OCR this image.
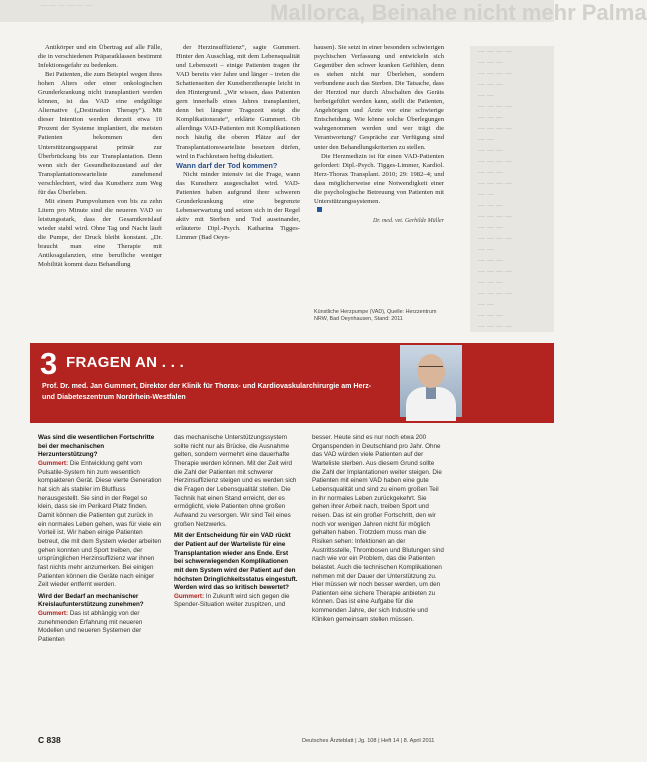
— — — — — —	Mallorca, Beinahe nicht mehr Palma

Antikörper und ein Übertrag auf alle Fälle, die in verschiedenen Präparatklassen bestimmt Infektionsgefahr zu bedenken.

Bei Patienten, die zum Beispiel wegen ihres hohen Alters oder einer onkologischen Grunderkrankung nicht transplantiert werden können, ist das VAD eine endgültige Alternative („Destination Therapy“). Mit dieser Intention werden derzeit etwa 10 Prozent der Systeme implantiert, die meisten Patienten bekommen den Unterstützungsapparat primär zur Überbrückung bis zur Transplantation. Denn wenn sich der Gesundheitszustand auf der Transplantationswarteliste zunehmend verschlechtert, wird das Kunstherz zum Weg für das Überleben.

Mit einem Pumpvolumen von bis zu zehn Litern pro Minute sind die neueren VAD so leistungsstark, dass der Gesamtkreislauf wieder stabil wird. Ohne Tag und Nacht läuft die Pumpe, der Druck bleibt konstant. „Dr. braucht man eine Therapie mit Antikoagulanzien, eine berufliche weniger Mobilität kommt dazu Behandlung

der Herzinsuffizienz“, sagte Gummert. Hinter den Ausschlag, mit dem Lebensqualität und Lebenszeit – einige Patienten tragen ihr VAD bereits vier Jahre und länger – treten die Schattenseiten der Kunstherztherapie leicht in den Hintergrund. „Wir wissen, dass Patienten gern innerhalb eines Jahres transplantiert, denn bei längerer Tragezeit steigt die Komplikationsrate“, erklärte Gummert. Ob allerdings VAD-Patienten mit Komplikationen noch häufig die oberen Plätze auf der Transplantationswarteliste besetzen dürfen, wird in Fachkreisen heftig diskutiert.

Wann darf der Tod kommen?

Nicht minder intensiv ist die Frage, wann das Kunstherz ausgeschaltet wird. VAD-Patienten haben aufgrund ihrer schweren Grunderkrankung eine begrenzte Lebenserwartung und setzen sich in der Regel aktiv mit Sterben und Tod auseinander, erläuterte Dipl.-Psych. Katharina Tigges-Limmer (Bad Oeyn-

hausen). Sie setzt in einer besonders schwierigen psychischen Verfassung und entwickeln sich Gegenüber den schwer kranken Gefühlen, denn es stehen nicht nur Überleben, sondern verbundene auch das Sterben. Die Tatsache, dass der Herztod nur durch Abschalten des Geräts herbeigeführt werden kann, stellt die Patienten, Angehörigen und Ärzte vor eine schwierige Entscheidung. Wie könne solche Überlegungen wahrgenommen werden und wer trägt die Verantwortung? Gespräche zur Verfügung sind unter den Behandlungskriterien zu stellen.

Die Herzmedizin ist für einen VAD-Patienten gefordert: Dipl.-Psych. Tigges-Limmer, Kardiol. Herz-Thorax Transplant. 2010; 29: 1982–4; und dass möglicherweise eine Notwendigkeit einer die psychologische Betreuung von Patienten mit Unterstützungssystemen.

Dr. med. vet. Gerhilde Müller
— — — —
— — —
— — — —
— — —
— —
— — — —
— — —
— — — —
— —
— — —
— — — —
— — —
— — — —
— —
— — —
— — — —
— — —
— — — —
— —
— — —
— — — —
— — —
— — — —
— —
— — —
— — — —
Künstliche Herzpumpe (VAD), Quelle: Herzzentrum NRW, Bad Oeynhausen, Stand: 2011
3 FRAGEN AN . . .
Prof. Dr. med. Jan Gummert, Direktor der Klinik für Thorax- und Kardiovaskularchirurgie am Herz- und Diabeteszentrum Nordrhein-Westfalen

Was sind die wesentlichen Fortschritte bei der mechanischen Herzunterstützung?

Gummert: Die Entwicklung geht vom Pulsatile-System hin zum wesentlich kompakteren Gerät. Diese vierte Generation hat sich als stabiler im Blutfluss herausgestellt. Sie sind in der Regel so klein, dass sie im Perikard Platz finden. Damit können die Patienten gut zurück in ein normales Leben gehen, was für viele ein Vorteil ist. Wir haben einige Patienten betreut, die mit dem System wieder arbeiten gehen konnten und Sport treiben, der ursprünglichen Herzinsuffizienz war ihnen fast nichts mehr anzumerken. Bei einigen Patienten können die Geräte nach einiger Zeit wieder entfernt werden.

Wird der Bedarf an mechanischer Kreislaufunterstützung zunehmen?

Gummert: Das ist abhängig von der zunehmenden Erfahrung mit neueren Modellen und neueren Systemen der Patienten

das mechanische Unterstützungssystem sollte nicht nur als Brücke, die Ausnahme gelten, sondern vermehrt eine dauerhafte Therapie werden können. Mit der Zeit wird die Zahl der Patienten mit schwerer Herzinsuffizienz steigen und es werden sich die Fragen der Lebensqualität stellen. Die Technik hat einen Stand erreicht, der es ermöglicht, viele Patienten ohne großen Aufwand zu versorgen. Wir sind Teil eines großen Netzwerks.

Mit der Entscheidung für ein VAD rückt der Patient auf der Warteliste für eine Transplantation wieder ans Ende. Erst bei schwerwiegenden Komplikationen mit dem System wird der Patient auf den höchsten Dringlichkeitsstatus eingestuft. Werden wird das so kritisch bewertet?

Gummert: In Zukunft wird sich gegen die Spender-Situation weiter zuspitzen, und

besser. Heute sind es nur noch etwa 200 Organspenden in Deutschland pro Jahr. Ohne das VAD würden viele Patienten auf der Warteliste sterben. Aus diesem Grund sollte die Zahl der Implantationen weiter steigen. Die Patienten mit einem VAD haben eine gute Lebensqualität und sind zu einem großen Teil in ihr normales Leben zurückgekehrt. Sie gehen ihrer Arbeit nach, treiben Sport und reisen. Das ist ein großer Fortschritt, den wir noch vor wenigen Jahren nicht für möglich gehalten haben. Trotzdem muss man die Risiken sehen: Infektionen an der Austrittsstelle, Thrombosen und Blutungen sind nach wie vor ein Problem, das die Patienten belastet. Auch die technischen Komplikationen nehmen mit der Dauer der Unterstützung zu. Hier müssen wir noch besser werden, um den Patienten eine sichere Therapie anbieten zu können. Das ist eine Aufgabe für die kommenden Jahre, der sich Industrie und Kliniken gemeinsam stellen müssen.

C 838	Deutsches Ärzteblatt | Jg. 108 | Heft 14 | 8. April 2011
